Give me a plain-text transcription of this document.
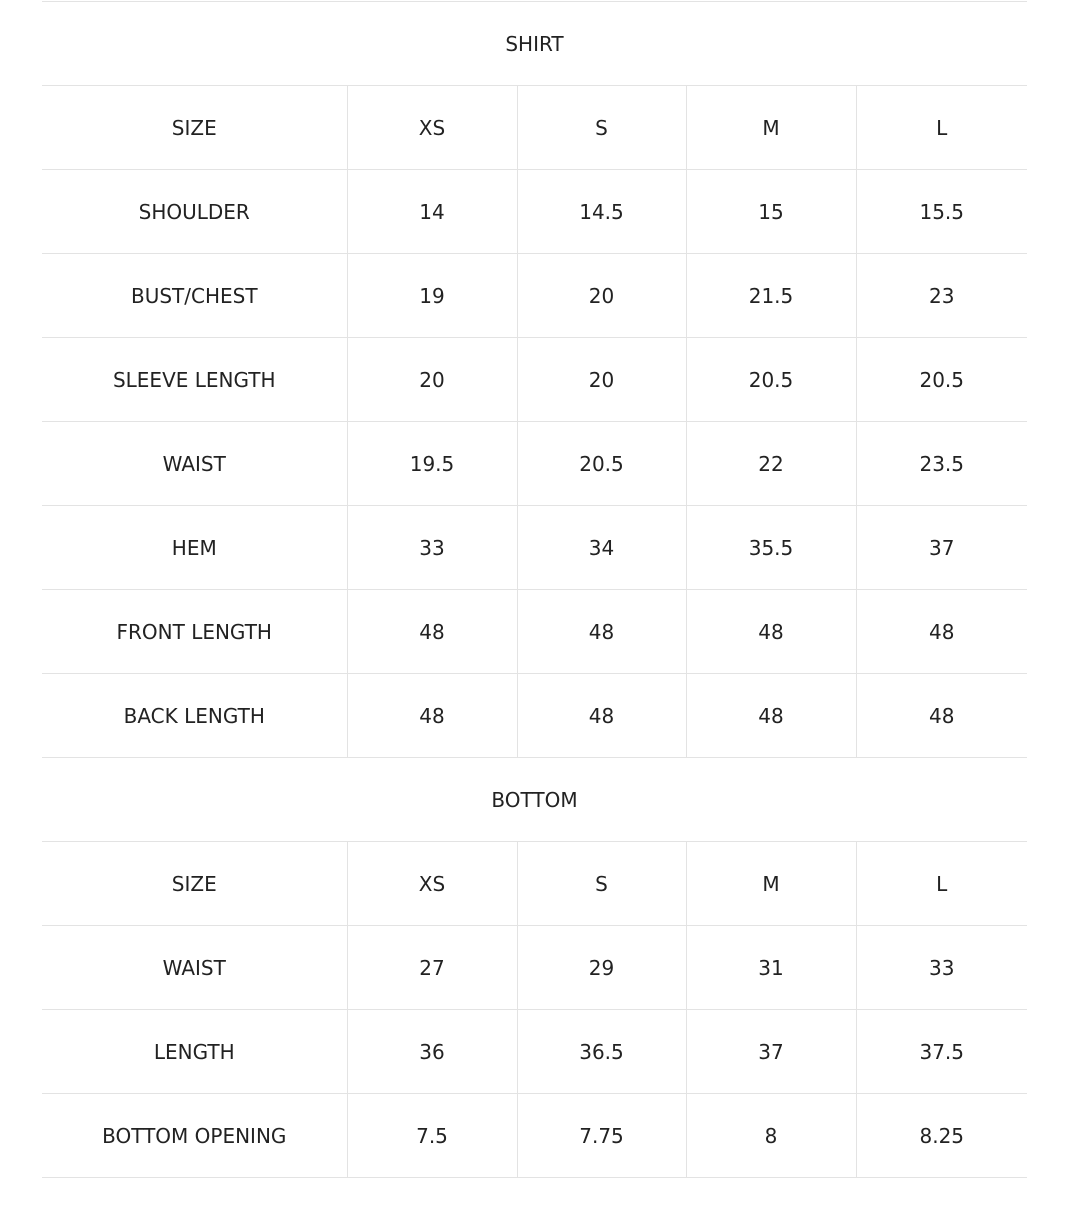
SHIRT				
SIZE	XS	S	M	L
SHOULDER	14	14.5	15	15.5
BUST/CHEST	19	20	21.5	23
SLEEVE LENGTH	20	20	20.5	20.5
WAIST	19.5	20.5	22	23.5
HEM	33	34	35.5	37
FRONT LENGTH	48	48	48	48
BACK LENGTH	48	48	48	48
BOTTOM				
SIZE	XS	S	M	L
WAIST	27	29	31	33
LENGTH	36	36.5	37	37.5
BOTTOM OPENING	7.5	7.75	8	8.25
